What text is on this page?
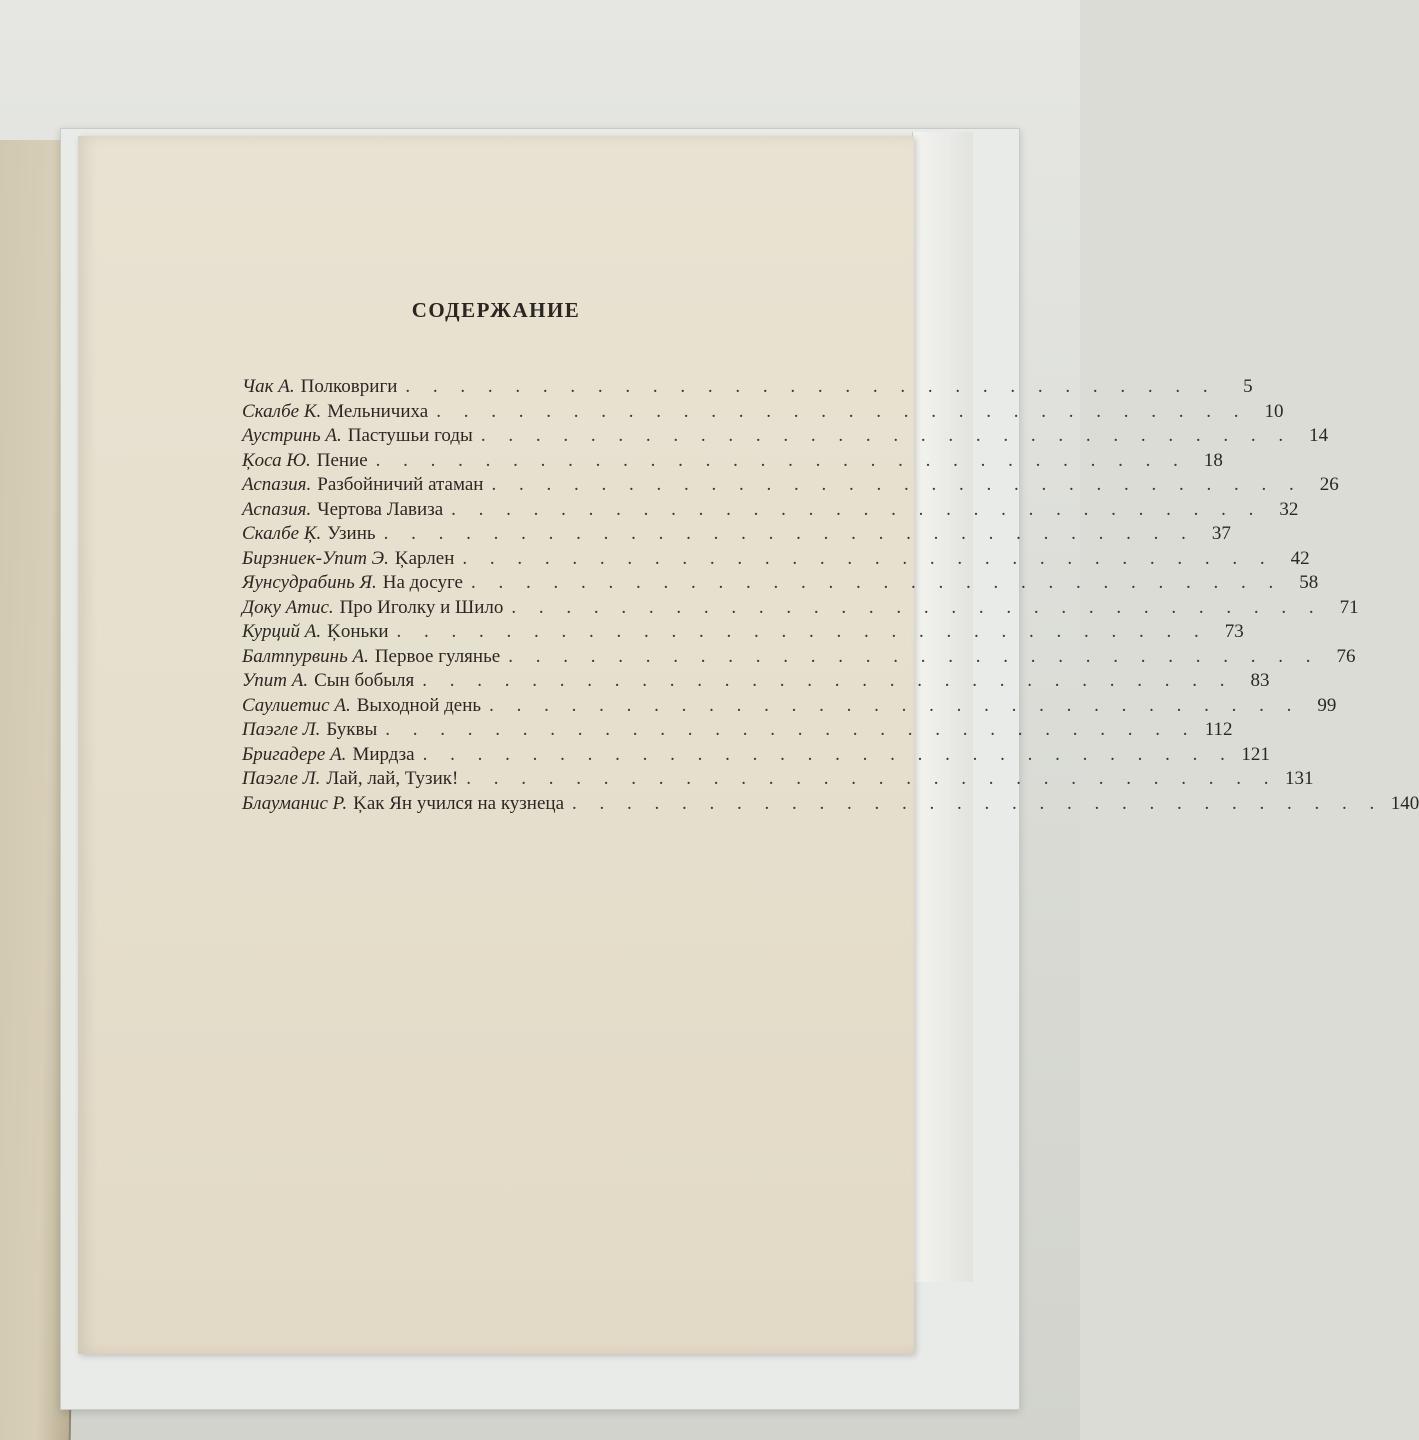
СОДЕРЖАНИЕ
Чак А. Полковриги . . . . . . . . . . . . . . . . . . . . . . . . . . . . . .	5
Скалбе К. Мельничиха . . . . . . . . . . . . . . . . . . . . . . . . . . . . . . 10
Аустринь А. Пастушьи годы . . . . . . . . . . . . . . . . . . . . . . . . . . . . . . 14
Ķоса Ю. Пение . . . . . . . . . . . . . . . . . . . . . . . . . . . . . . 18
Аспазия. Разбойничий атаман . . . . . . . . . . . . . . . . . . . . . . . . . . . . . . 26
Аспазия. Чертова Лавиза . . . . . . . . . . . . . . . . . . . . . . . . . . . . . . 32
Скалбе Ķ. Узинь . . . . . . . . . . . . . . . . . . . . . . . . . . . . . . 37
Бирзниек-Упит Э. Ķарлен . . . . . . . . . . . . . . . . . . . . . . . . . . . . . . 42
Яунсудрабинь Я. На досуге . . . . . . . . . . . . . . . . . . . . . . . . . . . . . . 58
Доку Атис. Про Иголку и Шило . . . . . . . . . . . . . . . . . . . . . . . . . . . . . . 71
Курций А. Ķоньки . . . . . . . . . . . . . . . . . . . . . . . . . . . . . . 73
Балтпурвинь А. Первое гулянье . . . . . . . . . . . . . . . . . . . . . . . . . . . . . . 76
Упит А. Сын бобыля . . . . . . . . . . . . . . . . . . . . . . . . . . . . . . 83
Саулиетис А. Выходной день . . . . . . . . . . . . . . . . . . . . . . . . . . . . . . 99
Паэгле Л. Буквы . . . . . . . . . . . . . . . . . . . . . . . . . . . . . . 112
Бригадере А. Мирдза . . . . . . . . . . . . . . . . . . . . . . . . . . . . . . 121
Паэгле Л. Лай, лай, Тузик! . . . . . . . . . . . . . . . . . . . . . . . . . . . . . . 131
Блауманис Р. Ķак Ян учился на кузнеца . . . . . . . . . . . . . . . . . . . . . . . . . . . . . . 140
